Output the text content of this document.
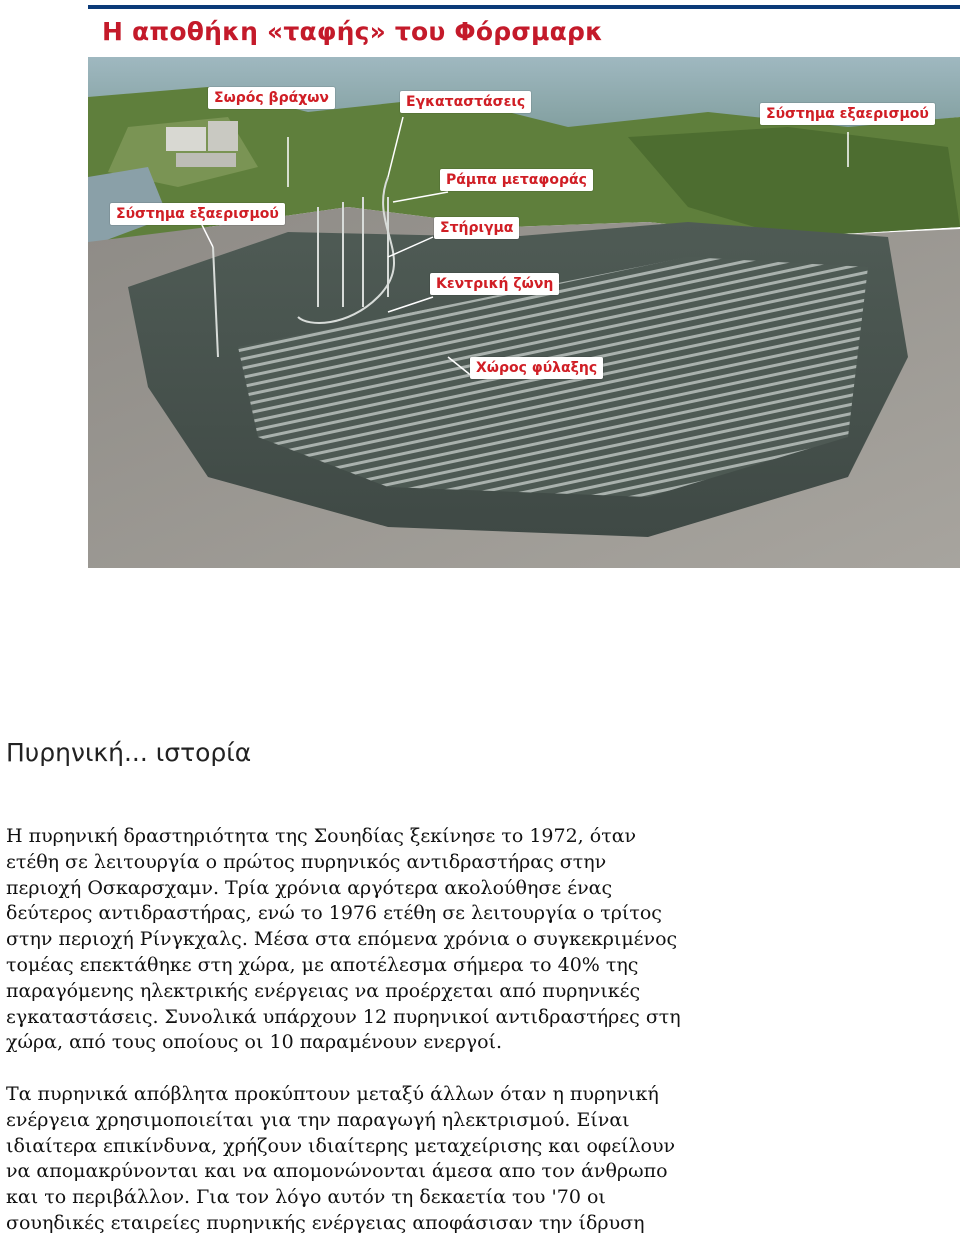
Η αποθήκη «ταφής» του Φόρσμαρκ
Σωρός βράχων	Εγκαταστάσεις
Σύστημα εξαερισμού
Ράμπα μεταφοράς
Σύστημα εξαερισμού
Στήριγμα
Κεντρική ζώνη
Χώρος φύλαξης
Πυρηνική... ιστορία
Η πυρηνική δραστηριότητα της Σουηδίας ξεκίνησε το 1972, όταν
ετέθη σε λειτουργία ο πρώτος πυρηνικός αντιδραστήρας στην
περιοχή Οσκαρσχαμν. Τρία χρόνια αργότερα ακολούθησε ένας
δεύτερος αντιδραστήρας, ενώ το 1976 ετέθη σε λειτουργία ο τρίτος
στην περιοχή Ρίνγκχαλς. Μέσα στα επόμενα χρόνια ο συγκεκριμένος
τομέας επεκτάθηκε στη χώρα, με αποτέλεσμα σήμερα το 40% της
παραγόμενης ηλεκτρικής ενέργειας να προέρχεται από πυρηνικές
εγκαταστάσεις. Συνολικά υπάρχουν 12 πυρηνικοί αντιδραστήρες στη
χώρα, από τους οποίους οι 10 παραμένουν ενεργοί.
Τα πυρηνικά απόβλητα προκύπτουν μεταξύ άλλων όταν η πυρηνική
ενέργεια χρησιμοποιείται για την παραγωγή ηλεκτρισμού. Είναι
ιδιαίτερα επικίνδυνα, χρήζουν ιδιαίτερης μεταχείρισης και οφείλουν
να απομακρύνονται και να απομονώνονται άμεσα απο τον άνθρωπο
και το περιβάλλον. Για τον λόγο αυτόν τη δεκαετία του '70 οι
σουηδικές εταιρείες πυρηνικής ενέργειας αποφάσισαν την ίδρυση
